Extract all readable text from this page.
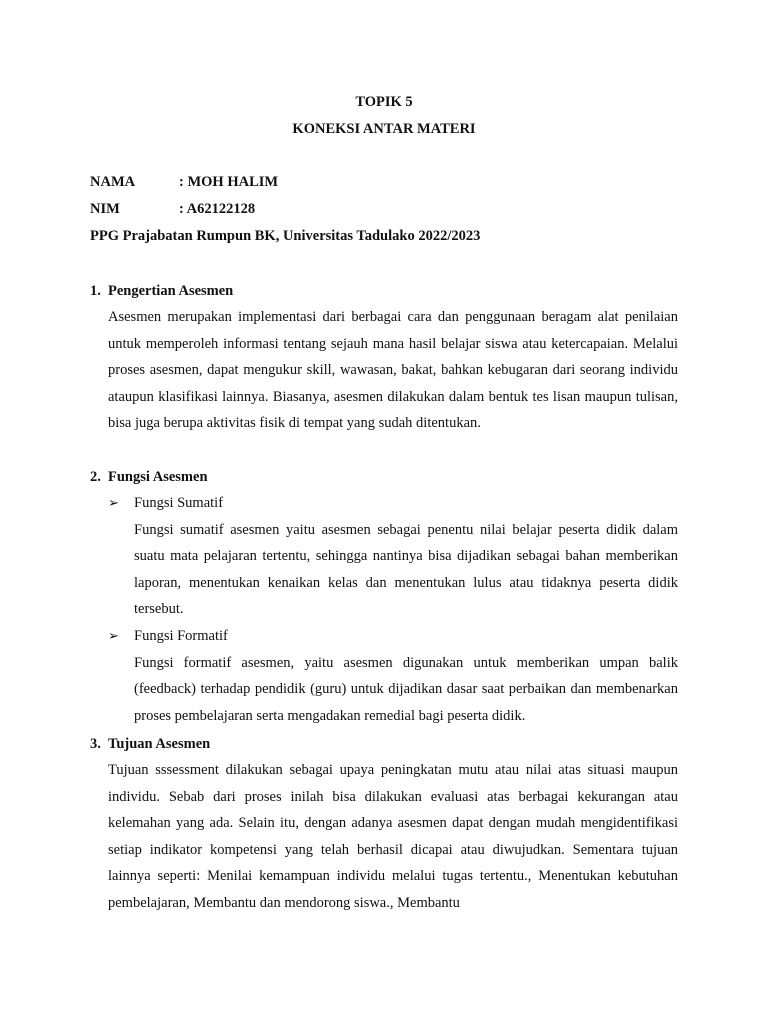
TOPIK 5
KONEKSI ANTAR MATERI
NAMA	: MOH HALIM
NIM	: A62122128
PPG Prajabatan Rumpun BK, Universitas Tadulako 2022/2023
1. Pengertian Asesmen
Asesmen merupakan implementasi dari berbagai cara dan penggunaan beragam alat penilaian untuk memperoleh informasi tentang sejauh mana hasil belajar siswa atau ketercapaian. Melalui proses asesmen, dapat mengukur skill, wawasan, bakat, bahkan kebugaran dari seorang individu ataupun klasifikasi lainnya. Biasanya, asesmen dilakukan dalam bentuk tes lisan maupun tulisan, bisa juga berupa aktivitas fisik di tempat yang sudah ditentukan.
2. Fungsi Asesmen
➢ Fungsi Sumatif
Fungsi sumatif asesmen yaitu asesmen sebagai penentu nilai belajar peserta didik dalam suatu mata pelajaran tertentu, sehingga nantinya bisa dijadikan sebagai bahan memberikan laporan, menentukan kenaikan kelas dan menentukan lulus atau tidaknya peserta didik tersebut.
➢ Fungsi Formatif
Fungsi formatif asesmen, yaitu asesmen digunakan untuk memberikan umpan balik (feedback) terhadap pendidik (guru) untuk dijadikan dasar saat perbaikan dan membenarkan proses pembelajaran serta mengadakan remedial bagi peserta didik.
3. Tujuan Asesmen
Tujuan sssessment dilakukan sebagai upaya peningkatan mutu atau nilai atas situasi maupun individu. Sebab dari proses inilah bisa dilakukan evaluasi atas berbagai kekurangan atau kelemahan yang ada. Selain itu, dengan adanya asesmen dapat dengan mudah mengidentifikasi setiap indikator kompetensi yang telah berhasil dicapai atau diwujudkan. Sementara tujuan lainnya seperti: Menilai kemampuan individu melalui tugas tertentu., Menentukan kebutuhan pembelajaran, Membantu dan mendorong siswa., Membantu
